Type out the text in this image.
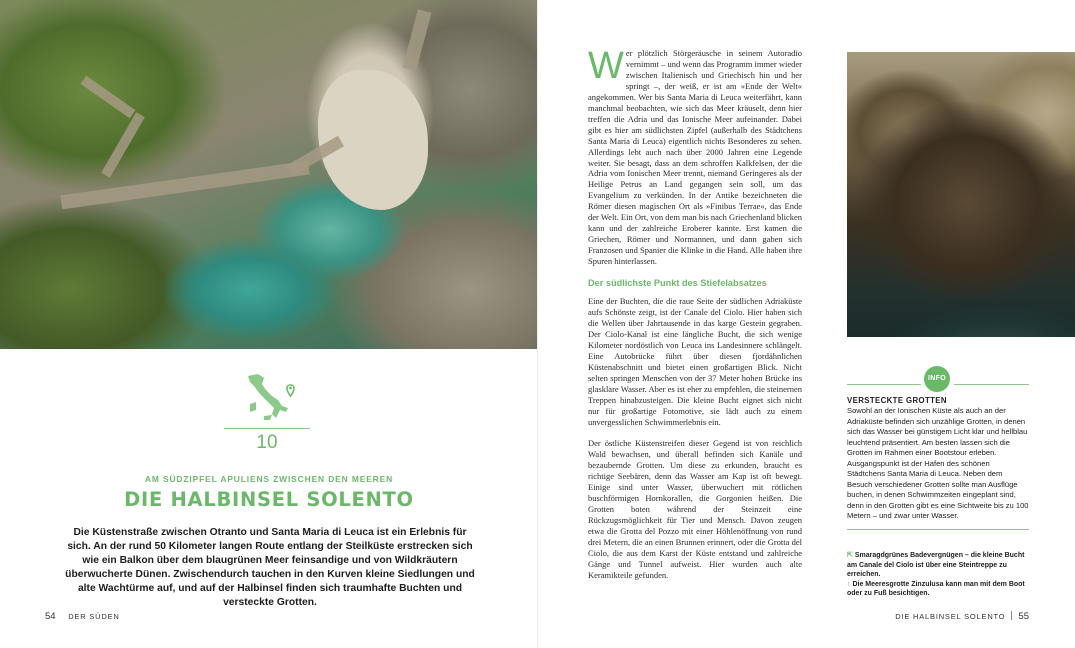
10
AM SÜDZIPFEL APULIENS ZWISCHEN DEN MEEREN
DIE HALBINSEL SOLENTO
Die Küstenstraße zwischen Otranto und Santa Maria di Leuca ist ein Erlebnis für sich. An der rund 50 Kilometer langen Route entlang der Steilküste erstrecken sich wie ein Balkon über dem blaugrünen Meer feinsandige und von Wildkräutern überwucherte Dünen. Zwischendurch tauchen in den Kurven kleine Siedlungen und alte Wachtürme auf, und auf der Halbinsel finden sich traumhafte Buchten und versteckte Grotten.
54 DER SÜDEN

W er plötzlich Störgeräusche in seinem Autoradio vernimmt – und wenn das Programm immer wieder zwischen Italienisch und Griechisch hin und her springt –, der weiß, er ist am »Ende der Welt« angekommen. Wer bis Santa Maria di Leuca weiterfährt, kann manchmal beobachten, wie sich das Meer kräuselt, denn hier treffen die Adria und das Ionische Meer aufeinander. Dabei gibt es hier am südlichsten Zipfel (außerhalb des Städtchens Santa Maria di Leuca) eigentlich nichts Besonderes zu sehen. Allerdings lebt auch nach über 2000 Jahren eine Legende weiter. Sie besagt, dass an dem schroffen Kalkfelsen, der die Adria vom Ionischen Meer trennt, niemand Geringeres als der Heilige Petrus an Land gegangen sein soll, um das Evangelium zu verkünden. In der Antike bezeichneten die Römer diesen magischen Ort als »Finibus Terrae«, das Ende der Welt. Ein Ort, von dem man bis nach Griechenland blicken kann und der zahlreiche Eroberer kannte. Erst kamen die Griechen, Römer und Normannen, und dann gaben sich Franzosen und Spanier die Klinke in die Hand. Alle haben ihre Spuren hinterlassen.

Der südlichste Punkt des Stiefelabsatzes

Eine der Buchten, die die raue Seite der südlichen Adriaküste aufs Schönste zeigt, ist der Canale del Ciolo. Hier haben sich die Wellen über Jahrtausende in das karge Gestein gegraben. Der Ciolo-Kanal ist eine längliche Bucht, die sich wenige Kilometer nordöstlich von Leuca ins Landesinnere schlängelt. Eine Autobrücke führt über diesen fjordähnlichen Küstenabschnitt und bietet einen großartigen Blick. Nicht selten springen Menschen von der 37 Meter hohen Brücke ins glasklare Wasser. Aber es ist eher zu empfehlen, die steinernen Treppen hinabzusteigen. Die kleine Bucht eignet sich nicht nur für großartige Fotomotive, sie lädt auch zu einem unvergesslichen Schwimmerlebnis ein.

Der östliche Küstenstreifen dieser Gegend ist von reichlich Wald bewachsen, und überall befinden sich Kanäle und bezaubernde Grotten. Um diese zu erkunden, braucht es richtige Seebären, denn das Wasser am Kap ist oft bewegt. Einige sind unter Wasser, überwuchert mit rötlichen buschförmigen Hornkorallen, die Gorgonien heißen. Die Grotten boten während der Steinzeit eine Rückzugsmöglichkeit für Tier und Mensch. Davon zeugen etwa die Grotta del Pozzo mit einer Höhlenöffnung von rund drei Metern, die an einen Brunnen erinnert, oder die Grotta del Ciolo, die aus dem Karst der Küste entstand und zahlreiche Gänge und Tunnel aufweist. Hier wurden auch alte Keramikteile gefunden.

INFO
VERSTECKTE GROTTEN
Sowohl an der Ionischen Küste als auch an der Adriaküste befinden sich unzählige Grotten, in denen sich das Wasser bei günstigem Licht klar und hellblau leuchtend präsentiert. Am besten lassen sich die Grotten im Rahmen einer Bootstour erleben. Ausgangspunkt ist der Hafen des schönen Städtchens Santa Maria di Leuca. Neben dem Besuch verschiedener Grotten sollte man Ausflüge buchen, in denen Schwimmzeiten eingeplant sind, denn in den Grotten gibt es eine Sichtweite bis zu 100 Metern – und zwar unter Wasser.
⇱ Smaragdgrünes Badevergnügen – die kleine Bucht am Canale del Ciolo ist über eine Steintreppe zu erreichen.
↑ Die Meeresgrotte Zinzulusa kann man mit dem Boot oder zu Fuß besichtigen.
DIE HALBINSEL SOLENTO 55
